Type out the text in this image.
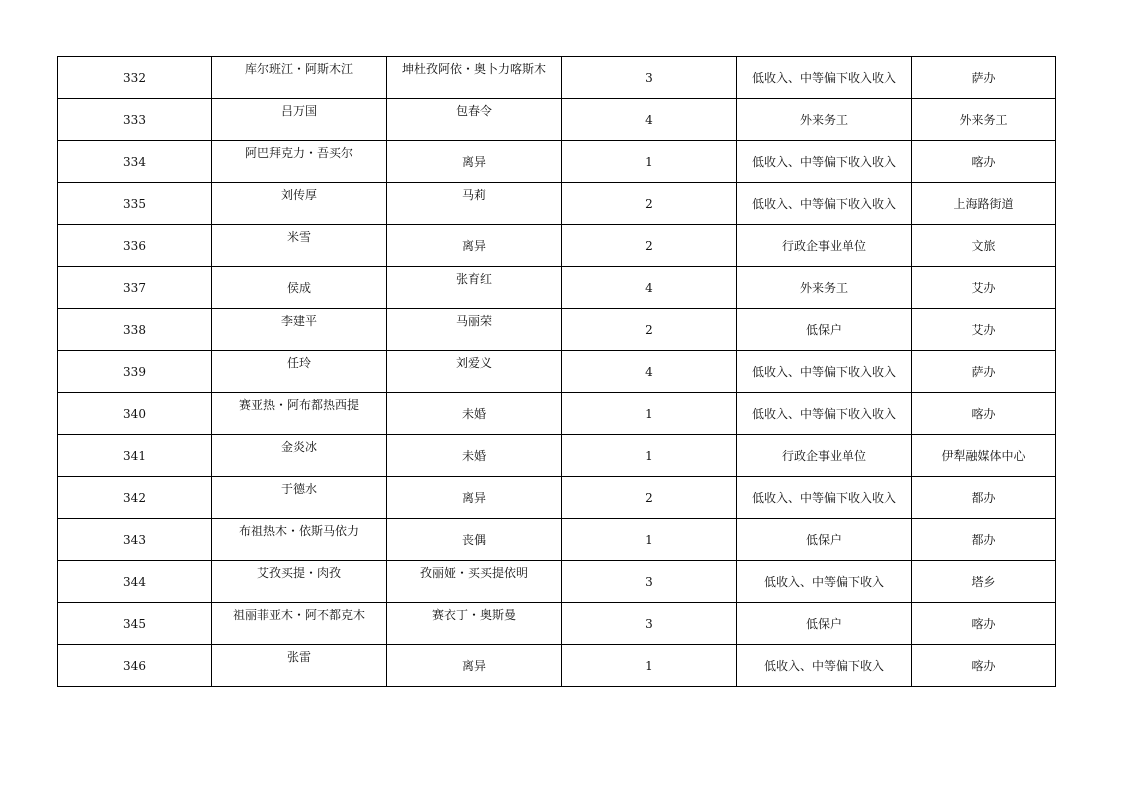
332	库尔班江・阿斯木江	坤杜孜阿依・奥卜力喀斯木	3	低收入、中等偏下收入收入	萨办
333	吕万国	包春令	4	外来务工	外来务工
334	阿巴拜克力・吾买尔	离异	1	低收入、中等偏下收入收入	喀办
335	刘传厚	马莉	2	低收入、中等偏下收入收入	上海路街道
336	米雪	离异	2	行政企事业单位	文旅
337	侯成	张育红	4	外来务工	艾办
338	李建平	马丽荣	2	低保户	艾办
339	任玲	刘爱义	4	低收入、中等偏下收入收入	萨办
340	赛亚热・阿布都热西提	未婚	1	低收入、中等偏下收入收入	喀办
341	金炎冰	未婚	1	行政企事业单位	伊犁融媒体中心
342	于德水	离异	2	低收入、中等偏下收入收入	都办
343	布祖热木・依斯马依力	丧偶	1	低保户	都办
344	艾孜买提・肉孜	孜丽娅・买买提依明	3	低收入、中等偏下收入	塔乡
345	祖丽菲亚木・阿不都克木	赛衣丁・奥斯曼	3	低保户	喀办
346	张雷	离异	1	低收入、中等偏下收入	喀办
